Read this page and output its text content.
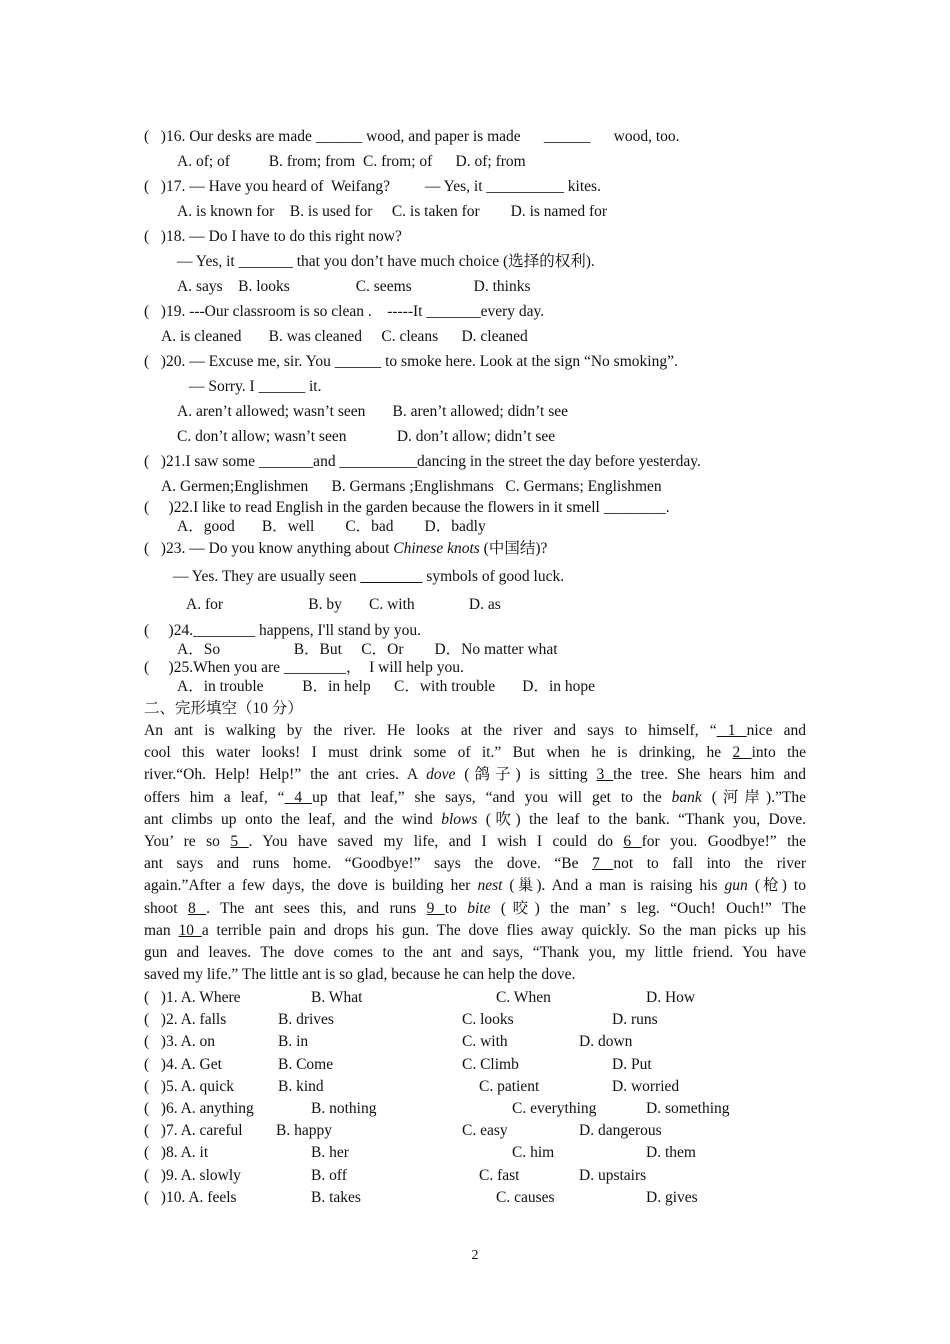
(   )16. Our desks are made ______ wood, and paper is made      ______      wood, too.
A. of; of          B. from; from  C. from; of      D. of; from
(   )17. — Have you heard of  Weifang?         — Yes, it __________ kites.
A. is known for    B. is used for     C. is taken for        D. is named for
(   )18. — Do I have to do this right now?
— Yes, it _______ that you don’t have much choice (选择的权利).
A. says    B. looks                 C. seems                D. thinks
(   )19. ---Our classroom is so clean .    -----It _______every day.
A. is cleaned       B. was cleaned     C. cleans      D. cleaned
(   )20. — Excuse me, sir. You ______ to smoke here. Look at the sign “No smoking”.
— Sorry. I ______ it.
A. aren’t allowed; wasn’t seen       B. aren’t allowed; didn’t see
C. don’t allow; wasn’t seen             D. don’t allow; didn’t see
(   )21.I saw some _______and __________dancing in the street the day before yesterday.
A. Germen;Englishmen      B. Germans ;Englishmans   C. Germans; Englishmen
(     )22.I like to read English in the garden because the flowers in it smell ________.
A．good       B．well        C．bad        D．badly
(   )23. — Do you know anything about Chinese knots (中国结)?
— Yes. They are usually seen ________ symbols of good luck.
A. for                      B. by       C. with              D. as
(     )24.________ happens, I'll stand by you.
A．So                   B．But     C．Or        D．No matter what
(     )25.When you are ________，  I will help you.
A．in trouble          B．in help      C．with trouble       D．in hope
二、完形填空（10 分）
An ant is walking by the river. He looks at the river and says to himself, “ 1 nice and
cool this water looks! I must drink some of it.” But when he is drinking, he 2 into the
river.“Oh. Help! Help!” the ant cries. A dove (鸽子) is sitting 3 the tree. She hears him and
offers him a leaf, “ 4 up that leaf,” she says, “and you will get to the bank (河岸).”The
ant climbs up onto the leaf, and the wind blows (吹) the leaf to the bank. “Thank you, Dove.
You’ re so 5 . You have saved my life, and I wish I could do 6 for you. Goodbye!” the
ant says and runs home. “Goodbye!” says the dove. “Be 7 not to fall into the river
again.”After a few days, the dove is building her nest (巢). And a man is raising his gun (枪) to
shoot 8 . The ant sees this, and runs 9 to bite (咬) the man’ s leg. “Ouch! Ouch!” The
man 10 a terrible pain and drops his gun. The dove flies away quickly. So the man picks up his
gun and leaves. The dove comes to the ant and says, “Thank you, my little friend. You have
saved my life.” The little ant is so glad, because he can help the dove.
(   )1. A. Where	B. What	C. When	D. How
(   )2. A. falls	B. drives	C. looks	D. runs
(   )3. A. on	B. in	C. with	D. down
(   )4. A. Get	B. Come	C. Climb	D. Put
(   )5. A. quick	B. kind	C. patient	D. worried
(   )6. A. anything	B. nothing	C. everything	D. something
(   )7. A. careful B. happy	C. easy	D. dangerous
(   )8. A. it	B. her	C. him	D. them
(   )9. A. slowly	B. off	C. fast	D. upstairs
(   )10. A. feels	B. takes	C. causes	D. gives
2
